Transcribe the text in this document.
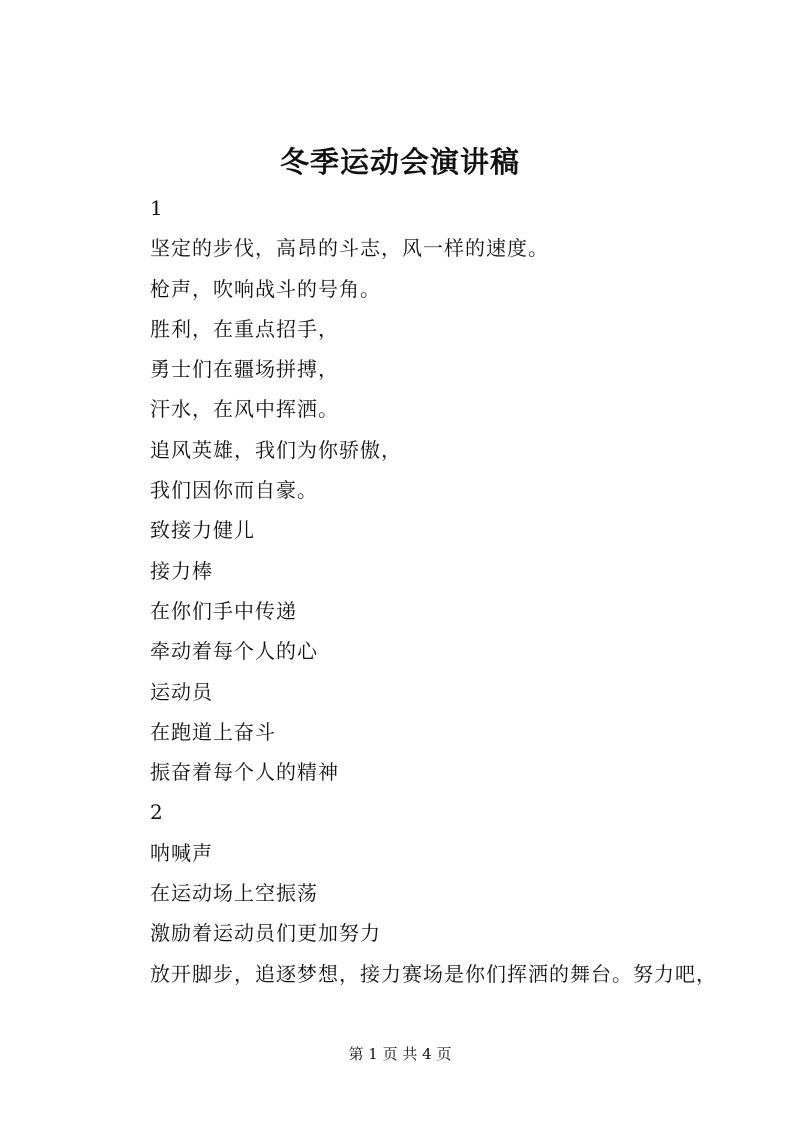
冬季运动会演讲稿
1
坚定的步伐，高昂的斗志，风一样的速度。
枪声，吹响战斗的号角。
胜利，在重点招手，
勇士们在疆场拼搏，
汗水，在风中挥洒。
追风英雄，我们为你骄傲，
我们因你而自豪。
致接力健儿
接力棒
在你们手中传递
牵动着每个人的心
运动员
在跑道上奋斗
振奋着每个人的精神
2
呐喊声
在运动场上空振荡
激励着运动员们更加努力
放开脚步，追逐梦想，接力赛场是你们挥洒的舞台。努力吧，
第 1 页 共 4 页
